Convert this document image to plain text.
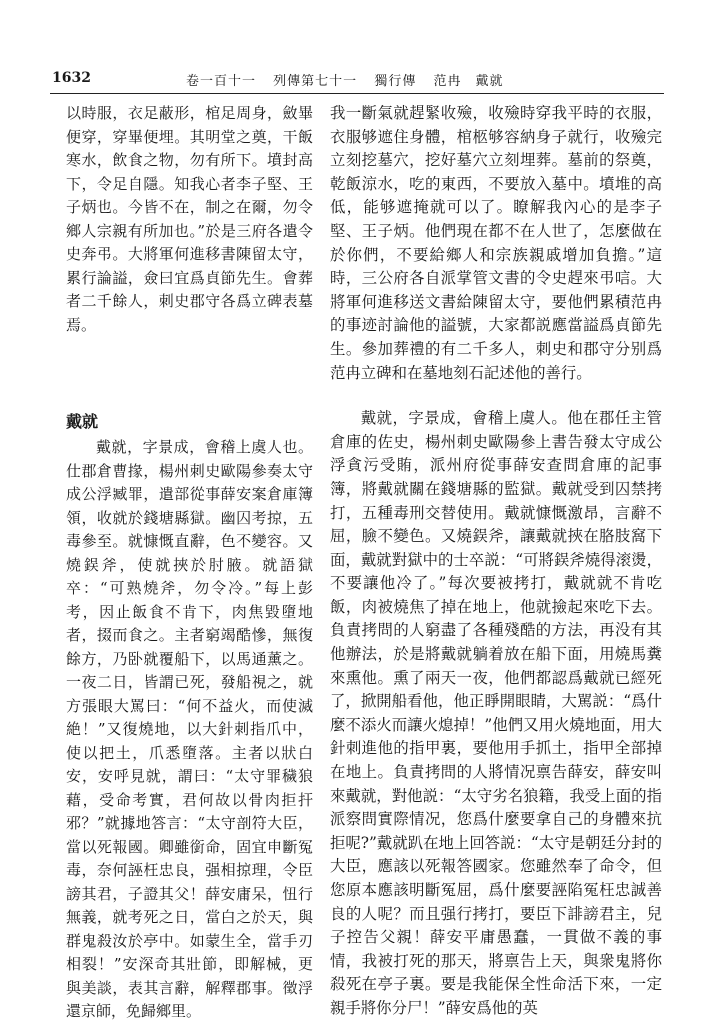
1632	卷一百十一 列傳第七十一 獨行傳 范冉　戴就

以時服，衣足蔽形，棺足周身，斂畢便穿，穿畢便埋。其明堂之奠，干飯寒水，飲食之物，勿有所下。墳封高下，令足自隱。知我心者李子堅、王子炳也。今皆不在，制之在爾，勿令鄉人宗親有所加也。”於是三府各遣令史奔弔。大將軍何進移書陳留太守，累行論謚，僉曰宜爲貞節先生。會葬者二千餘人，刺史郡守各爲立碑表墓焉。

戴就

戴就，字景成，會稽上虞人也。仕郡倉曹掾，楊州刺史歐陽參奏太守成公浮臧罪，遣部從事薛安案倉庫簿領，收就於錢塘縣獄。幽囚考掠，五毒參至。就慷慨直辭，色不變容。又燒鋘斧，使就挾於肘腋。就語獄卒：“可熟燒斧，勿令冷。”每上彭考，因止飯食不肯下，肉焦毀墮地者，掇而食之。主者窮竭酷慘，無復餘方，乃卧就覆船下，以馬通薰之。一夜二日，皆謂已死，發船視之，就方張眼大罵曰：“何不益火，而使滅絶！”又復燒地，以大針刺指爪中，使以把土，爪悉墮落。主者以狀白安，安呼見就，謂曰：“太守罪穢狼藉，受命考實，君何故以骨肉拒扞邪？”就據地答言：“太守剖符大臣，當以死報國。卿雖銜命，固宜申斷冤毒，奈何誣枉忠良，强相掠理，令臣謗其君，子證其父！薛安庸呆，忸行無義，就考死之日，當白之於天，與群鬼殺汝於亭中。如蒙生全，當手刃相裂！”安深奇其壯節，即解械，更與美談，表其言辭，解釋郡事。徵浮還京師，免歸鄉里。

我一斷氣就趕緊收殮，收殮時穿我平時的衣服，衣服够遮住身體，棺柩够容納身子就行，收殮完立刻挖墓穴，挖好墓穴立刻埋葬。墓前的祭奠，乾飯涼水，吃的東西，不要放入墓中。墳堆的高低，能够遮掩就可以了。瞭解我內心的是李子堅、王子炳。他們現在都不在人世了，怎麼做在於你們，不要給鄉人和宗族親戚增加負擔。”這時，三公府各自派掌管文書的令史趕來弔唁。大將軍何進移送文書給陳留太守，要他們累積范冉的事迹討論他的謚號，大家都説應當謚爲貞節先生。參加葬禮的有二千多人，刺史和郡守分别爲范冉立碑和在墓地刻石記述他的善行。

戴就，字景成，會稽上虞人。他在郡任主管倉庫的佐史，楊州刺史歐陽參上書告發太守成公浮貪污受賄，派州府從事薛安查問倉庫的記事簿，將戴就關在錢塘縣的監獄。戴就受到囚禁拷打，五種毒刑交替使用。戴就慷慨激昂，言辭不屈，臉不變色。又燒鋘斧，讓戴就挾在胳肢窩下面，戴就對獄中的士卒説：“可將鋘斧燒得滚燙，不要讓他冷了。”每次要被拷打，戴就就不肯吃飯，肉被燒焦了掉在地上，他就撿起來吃下去。負責拷問的人窮盡了各種殘酷的方法，再没有其他辦法，於是將戴就躺着放在船下面，用燒馬糞來熏他。熏了兩天一夜，他們都認爲戴就已經死了，掀開船看他，他正睜開眼睛，大駡説：“爲什麼不添火而讓火熄掉！”他們又用火燒地面，用大針刺進他的指甲裏，要他用手抓土，指甲全部掉在地上。負責拷問的人將情况禀告薛安，薛安叫來戴就，對他説：“太守劣名狼籍，我受上面的指派察問實際情况，您爲什麼要拿自己的身體來抗拒呢?”戴就趴在地上回答説：“太守是朝廷分封的大臣，應該以死報答國家。您雖然奉了命令，但您原本應該明斷冤屈，爲什麼要誣陷冤枉忠誠善良的人呢？而且强行拷打，要臣下誹謗君主，兒子控告父親！薛安平庸愚蠢，一貫做不義的事情，我被打死的那天，將禀告上天，與衆鬼將你殺死在亭子裏。要是我能保全性命活下來，一定親手將你分尸！”薛安爲他的英
